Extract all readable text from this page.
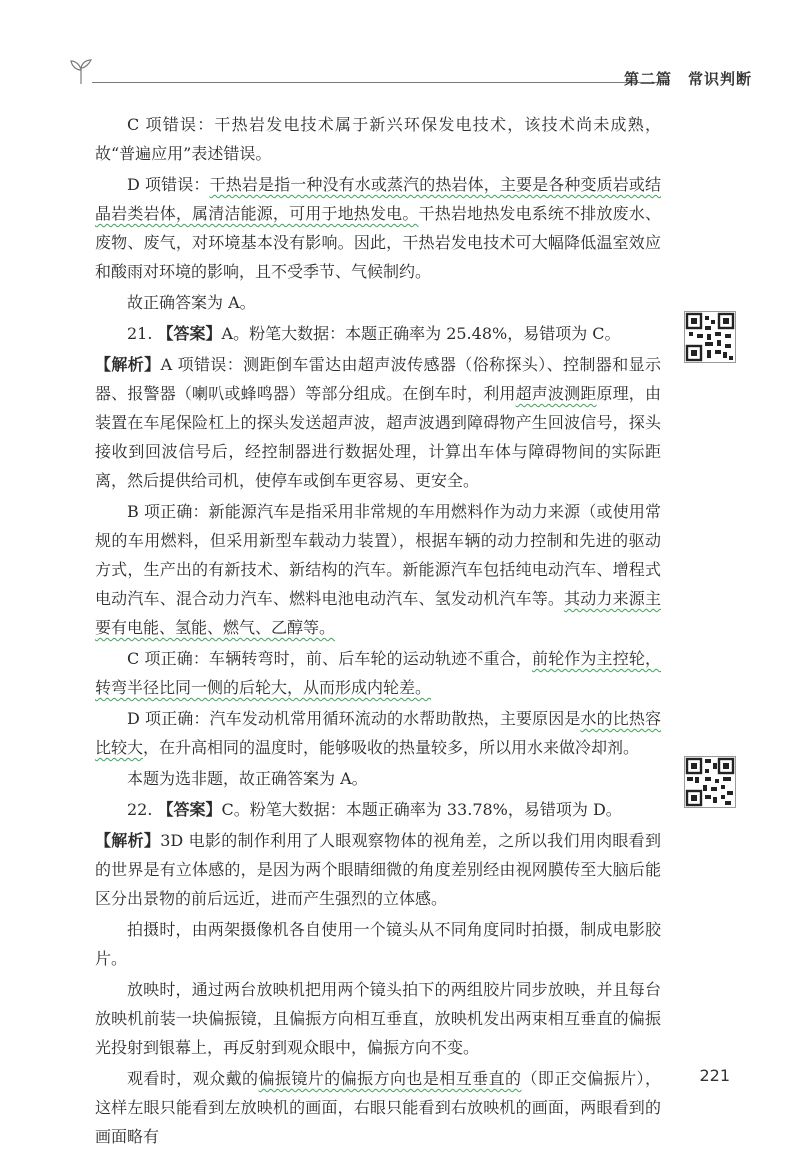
第二篇　常识判断

C 项错误：干热岩发电技术属于新兴环保发电技术，该技术尚未成熟，故“普遍应用”表述错误。

D 项错误：干热岩是指一种没有水或蒸汽的热岩体，主要是各种变质岩或结晶岩类岩体，属清洁能源，可用于地热发电。干热岩地热发电系统不排放废水、废物、废气，对环境基本没有影响。因此，干热岩发电技术可大幅降低温室效应和酸雨对环境的影响，且不受季节、气候制约。

故正确答案为 A。

21. 【答案】A。粉笔大数据：本题正确率为 25.48%，易错项为 C。

【解析】A 项错误：测距倒车雷达由超声波传感器（俗称探头）、控制器和显示器、报警器（喇叭或蜂鸣器）等部分组成。在倒车时，利用超声波测距原理，由装置在车尾保险杠上的探头发送超声波，超声波遇到障碍物产生回波信号，探头接收到回波信号后，经控制器进行数据处理，计算出车体与障碍物间的实际距离，然后提供给司机，使停车或倒车更容易、更安全。

B 项正确：新能源汽车是指采用非常规的车用燃料作为动力来源（或使用常规的车用燃料，但采用新型车载动力装置），根据车辆的动力控制和先进的驱动方式，生产出的有新技术、新结构的汽车。新能源汽车包括纯电动汽车、增程式电动汽车、混合动力汽车、燃料电池电动汽车、氢发动机汽车等。其动力来源主要有电能、氢能、燃气、乙醇等。

C 项正确：车辆转弯时，前、后车轮的运动轨迹不重合，前轮作为主控轮，转弯半径比同一侧的后轮大，从而形成内轮差。

D 项正确：汽车发动机常用循环流动的水帮助散热，主要原因是水的比热容比较大，在升高相同的温度时，能够吸收的热量较多，所以用水来做冷却剂。

本题为选非题，故正确答案为 A。

22. 【答案】C。粉笔大数据：本题正确率为 33.78%，易错项为 D。

【解析】3D 电影的制作利用了人眼观察物体的视角差，之所以我们用肉眼看到的世界是有立体感的，是因为两个眼睛细微的角度差别经由视网膜传至大脑后能区分出景物的前后远近，进而产生强烈的立体感。

拍摄时，由两架摄像机各自使用一个镜头从不同角度同时拍摄，制成电影胶片。

放映时，通过两台放映机把用两个镜头拍下的两组胶片同步放映，并且每台放映机前装一块偏振镜，且偏振方向相互垂直，放映机发出两束相互垂直的偏振光投射到银幕上，再反射到观众眼中，偏振方向不变。

观看时，观众戴的偏振镜片的偏振方向也是相互垂直的（即正交偏振片），这样左眼只能看到左放映机的画面，右眼只能看到右放映机的画面，两眼看到的画面略有

221
